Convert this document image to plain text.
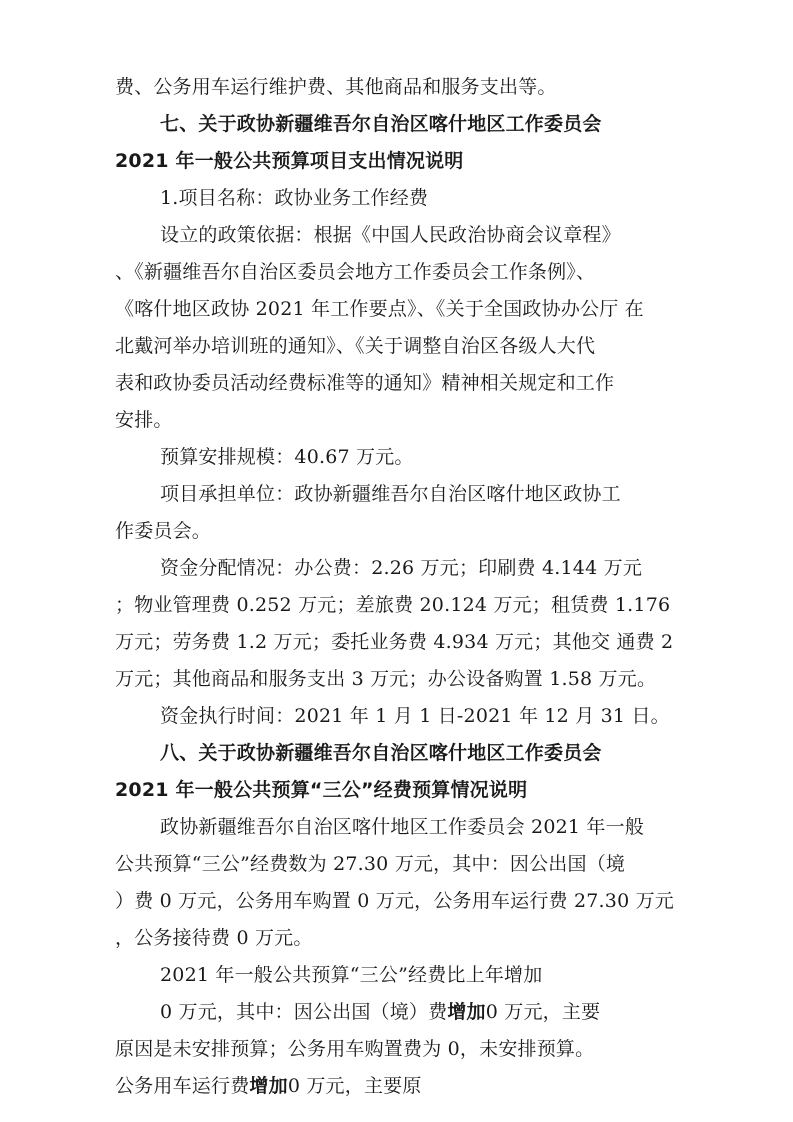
费、公务用车运行维护费、其他商品和服务支出等。
七、关于政协新疆维吾尔自治区喀什地区工作委员会
2021 年一般公共预算项目支出情况说明
1.项目名称：政协业务工作经费
设立的政策依据：根据《中国人民政治协商会议章程》
、《新疆维吾尔自治区委员会地方工作委员会工作条例》、
《喀什地区政协 2021 年工作要点》、《关于全国政协办公厅 在
北戴河举办培训班的通知》、《关于调整自治区各级人大代
表和政协委员活动经费标准等的通知》精神相关规定和工作
安排。
预算安排规模：40.67 万元。
项目承担单位：政协新疆维吾尔自治区喀什地区政协工
作委员会。
资金分配情况：办公费：2.26 万元；印刷费 4.144 万元
；物业管理费 0.252 万元；差旅费 20.124 万元；租赁费 1.176
万元；劳务费 1.2 万元；委托业务费 4.934 万元；其他交 通费 2
万元；其他商品和服务支出 3 万元；办公设备购置 1.58 万元。
资金执行时间：2021 年 1 月 1 日-2021 年 12 月 31 日。
八、关于政协新疆维吾尔自治区喀什地区工作委员会
2021 年一般公共预算“三公”经费预算情况说明
政协新疆维吾尔自治区喀什地区工作委员会 2021 年一般
公共预算“三公”经费数为 27.30 万元，其中：因公出国（境
）费 0 万元，公务用车购置 0 万元，公务用车运行费 27.30 万元
，公务接待费 0 万元。
2021 年一般公共预算“三公”经费比上年增加
0 万元，其中：因公出国（境）费增加0 万元，主要
原因是未安排预算；公务用车购置费为 0，未安排预算。
公务用车运行费增加0 万元，主要原
